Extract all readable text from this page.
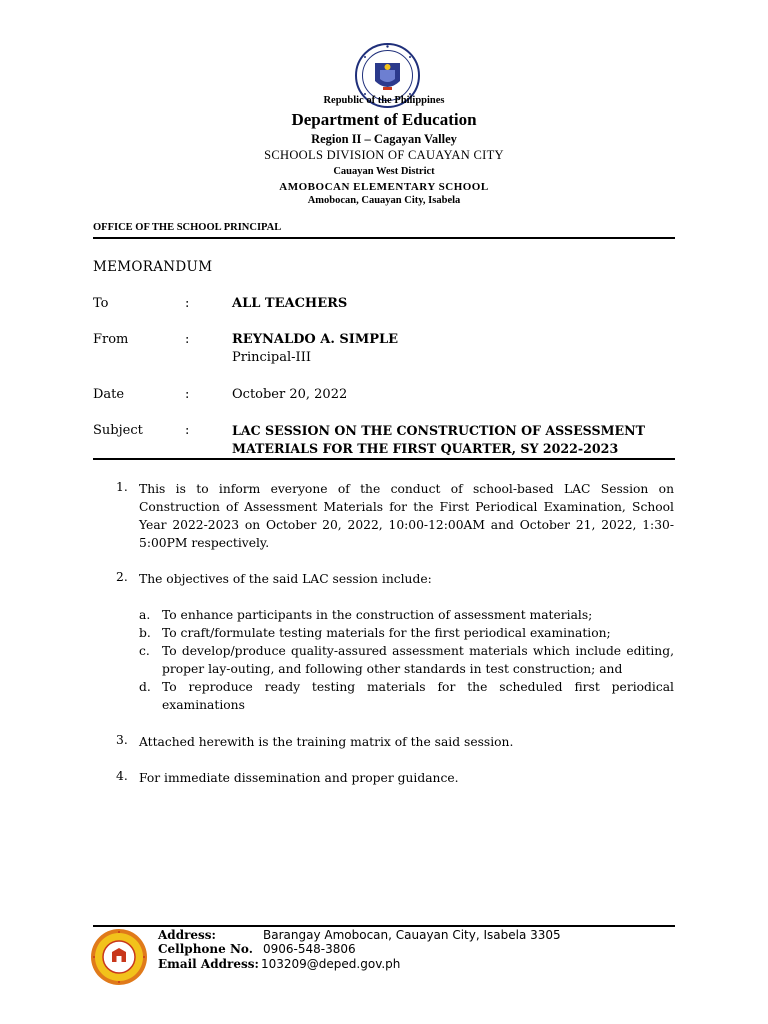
Republic of the Philippines
Department of Education
Region II – Cagayan Valley
SCHOOLS DIVISION OF CAUAYAN CITY
Cauayan West District
AMOBOCAN ELEMENTARY SCHOOL
Amobocan, Cauayan City, Isabela
OFFICE OF THE SCHOOL PRINCIPAL
MEMORANDUM
To	:	ALL TEACHERS
From	:	REYNALDO A. SIMPLE
Principal-III
Date	:	October 20, 2022
Subject	:	LAC SESSION ON THE CONSTRUCTION OF ASSESSMENT
MATERIALS FOR THE FIRST QUARTER, SY 2022-2023
1. This is to inform everyone of the conduct of school-based LAC Session on Construction of Assessment Materials for the First Periodical Examination, School Year 2022-2023 on October 20, 2022, 10:00-12:00AM and October 21, 2022, 1:30-5:00PM respectively.
2. The objectives of the said LAC session include:
a. To enhance participants in the construction of assessment materials;
b. To craft/formulate testing materials for the first periodical examination;
c. To develop/produce quality-assured assessment materials which include editing, proper lay-outing, and following other standards in test construction; and
d. To reproduce ready testing materials for the scheduled first periodical examinations
3. Attached herewith is the training matrix of the said session.
4. For immediate dissemination and proper guidance.
Address:	Barangay Amobocan, Cauayan City, Isabela 3305
Cellphone No. 0906-548-3806
Email Address: 103209@deped.gov.ph
